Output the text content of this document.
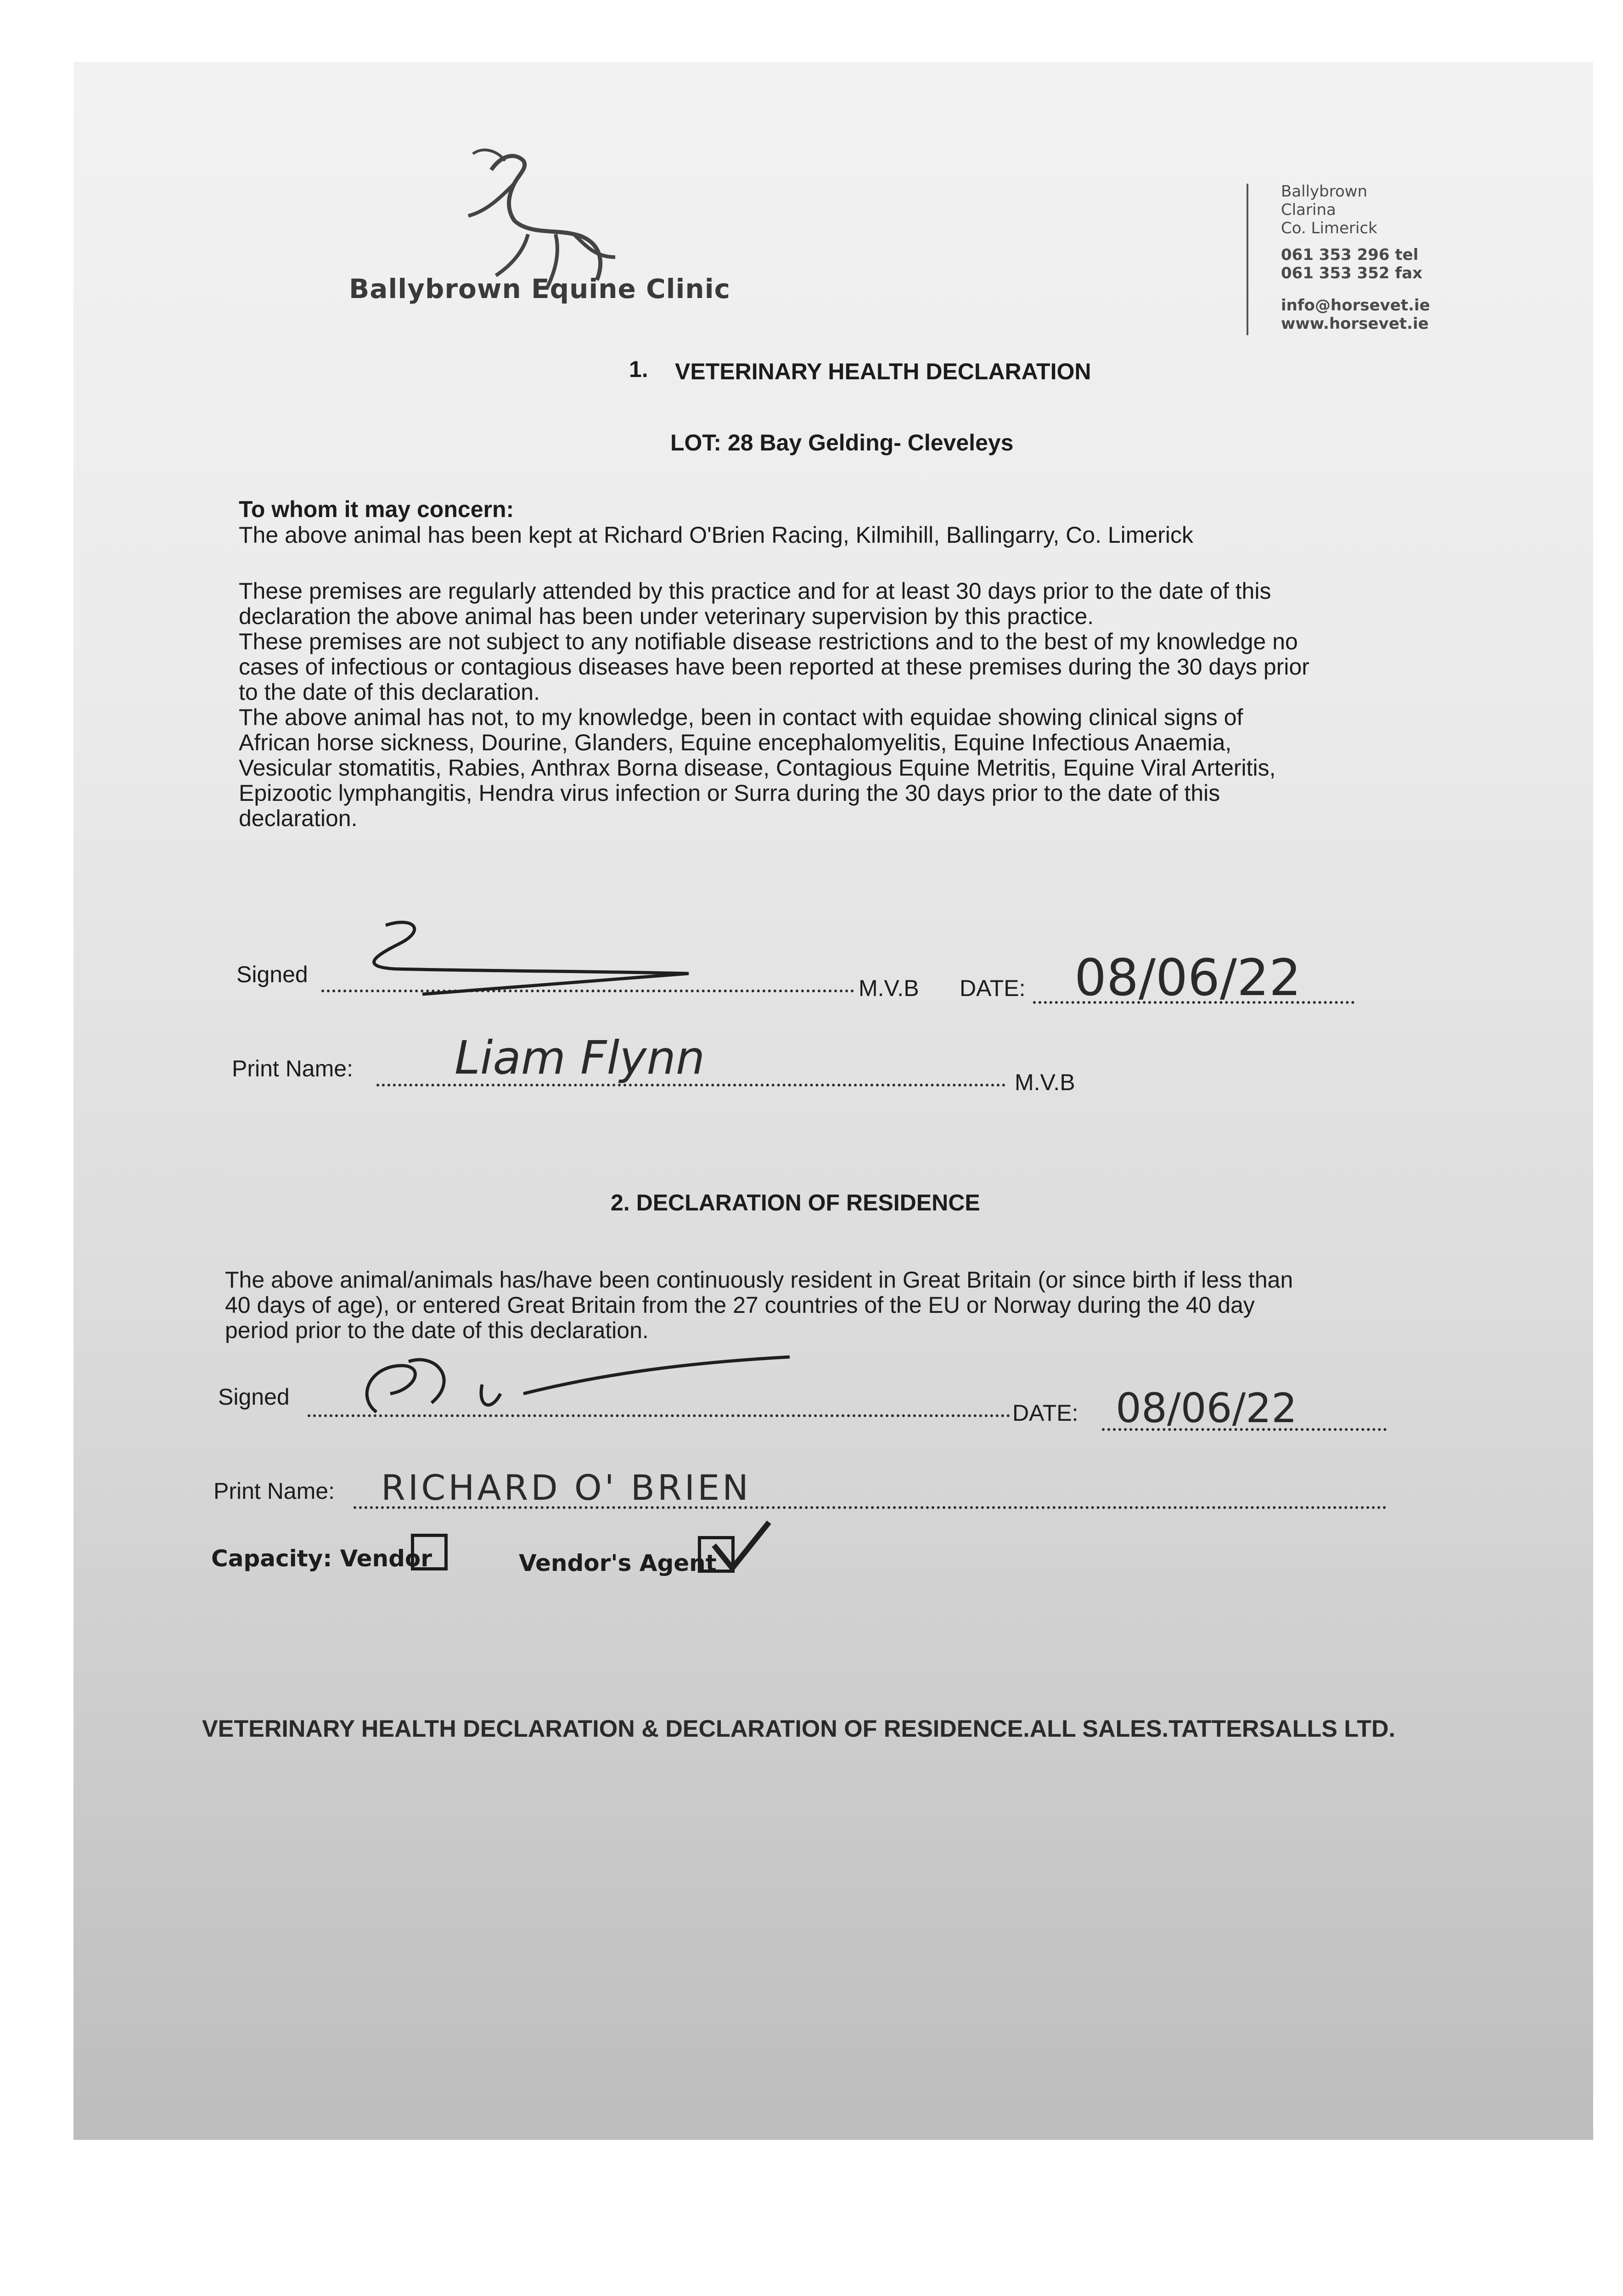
Ballybrown Equine Clinic
Ballybrown
Clarina
Co. Limerick
061 353 296 tel
061 353 352 fax
info@horsevet.ie
www.horsevet.ie
1. VETERINARY HEALTH DECLARATION
LOT: 28 Bay Gelding- Cleveleys
To whom it may concern:
The above animal has been kept at Richard O'Brien Racing, Kilmihill, Ballingarry, Co. Limerick
These premises are regularly attended by this practice and for at least 30 days prior to the date of this
declaration the above animal has been under veterinary supervision by this practice.
These premises are not subject to any notifiable disease restrictions and to the best of my knowledge no
cases of infectious or contagious diseases have been reported at these premises during the 30 days prior
to the date of this declaration.
The above animal has not, to my knowledge, been in contact with equidae showing clinical signs of
African horse sickness, Dourine, Glanders, Equine encephalomyelitis, Equine Infectious Anaemia,
Vesicular stomatitis, Rabies, Anthrax Borna disease, Contagious Equine Metritis, Equine Viral Arteritis,
Epizootic lymphangitis, Hendra virus infection or Surra during the 30 days prior to the date of this
declaration.
Signed
M.V.B DATE: 08/06/22
Print Name: Liam Flynn	M.V.B
2. DECLARATION OF RESIDENCE
The above animal/animals has/have been continuously resident in Great Britain (or since birth if less than
40 days of age), or entered Great Britain from the 27 countries of the EU or Norway during the 40 day
period prior to the date of this declaration.
Signed
DATE: 08/06/22
Print Name: RICHARD O' BRIEN
Capacity: Vendor	Vendor's Agent
VETERINARY HEALTH DECLARATION & DECLARATION OF RESIDENCE.ALL SALES.TATTERSALLS LTD.
